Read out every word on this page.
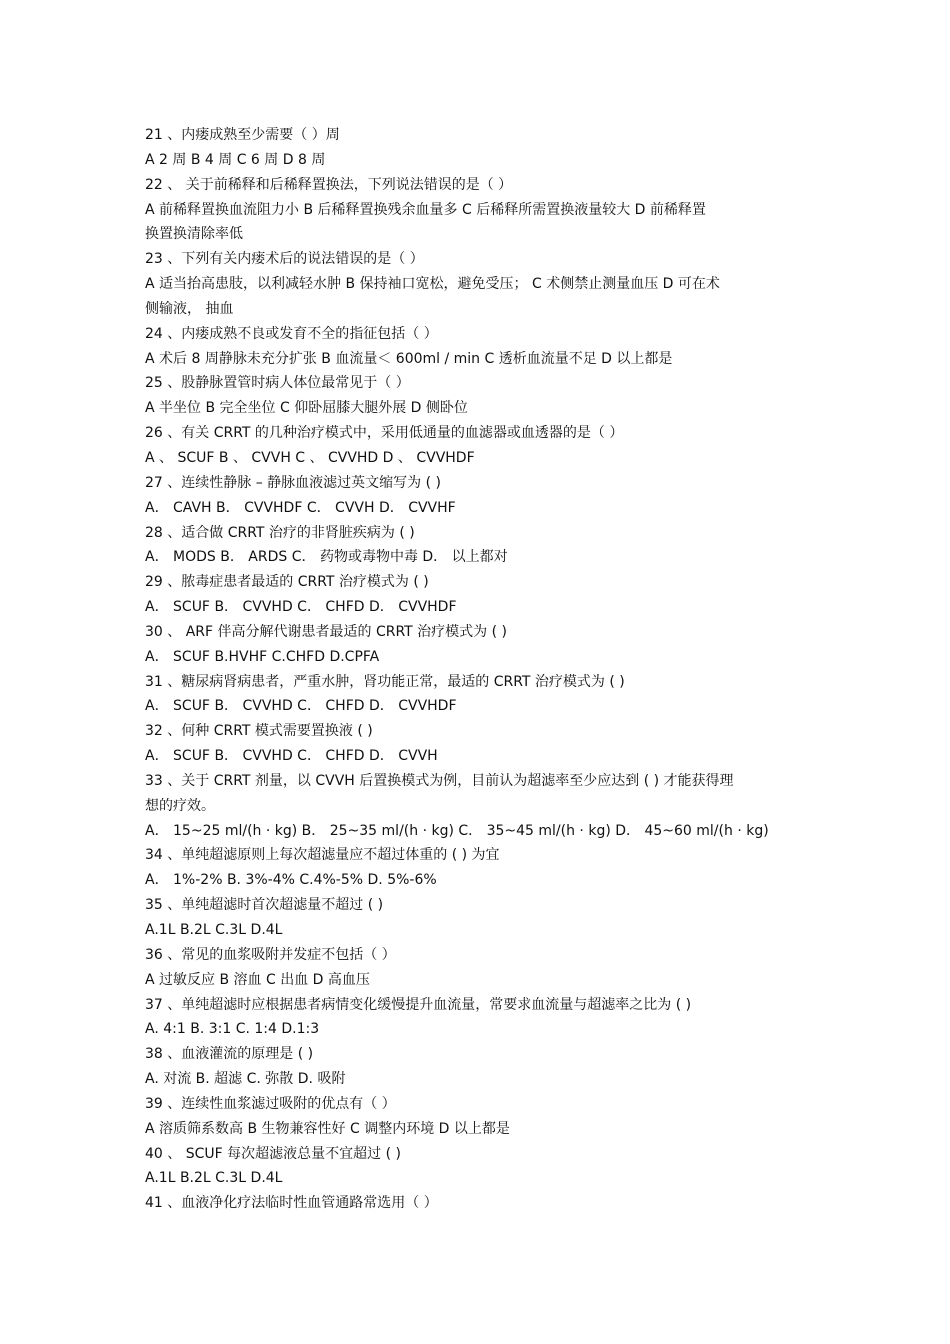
21 、内瘘成熟至少需要（ ）周
A 2 周 B 4 周 C 6 周 D 8 周
22 、 关于前稀释和后稀释置换法，下列说法错误的是（ ）
A 前稀释置换血流阻力小 B 后稀释置换残余血量多 C 后稀释所需置换液量较大 D 前稀释置
换置换清除率低
23 、下列有关内瘘术后的说法错误的是（ ）
A 适当抬高患肢，以利减轻水肿 B 保持袖口宽松，避免受压； C 术侧禁止测量血压 D 可在术
侧输液， 抽血
24 、内瘘成熟不良或发育不全的指征包括（ ）
A 术后 8 周静脉未充分扩张 B 血流量＜ 600ml / min C 透析血流量不足 D 以上都是
25 、股静脉置管时病人体位最常见于（ ）
A 半坐位 B 完全坐位 C 仰卧屈膝大腿外展 D 侧卧位
26 、有关 CRRT 的几种治疗模式中，采用低通量的血滤器或血透器的是（ ）
A 、 SCUF B 、 CVVH C 、 CVVHD D 、 CVVHDF
27 、连续性静脉 – 静脉血液滤过英文缩写为 ( )
A． CAVH B． CVVHDF C． CVVH D． CVVHF
28 、适合做 CRRT 治疗的非肾脏疾病为 ( )
A． MODS B． ARDS C． 药物或毒物中毒 D． 以上都对
29 、脓毒症患者最适的 CRRT 治疗模式为 ( )
A． SCUF B． CVVHD C． CHFD D． CVVHDF
30 、 ARF 伴高分解代谢患者最适的 CRRT 治疗模式为 ( )
A． SCUF B.HVHF C.CHFD D.CPFA
31 、糖尿病肾病患者，严重水肿，肾功能正常，最适的 CRRT 治疗模式为 ( )
A． SCUF B． CVVHD C． CHFD D． CVVHDF
32 、何种 CRRT 模式需要置换液 ( )
A． SCUF B． CVVHD C． CHFD D． CVVH
33 、关于 CRRT 剂量，以 CVVH 后置换模式为例，目前认为超滤率至少应达到 ( ) 才能获得理
想的疗效。
A． 15~25 ml/(h · kg) B． 25~35 ml/(h · kg) C． 35~45 ml/(h · kg) D． 45~60 ml/(h · kg)
34 、单纯超滤原则上每次超滤量应不超过体重的 ( ) 为宜
A． 1%-2% B. 3%-4% C.4%-5% D. 5%-6%
35 、单纯超滤时首次超滤量不超过 ( )
A.1L B.2L C.3L D.4L
36 、常见的血浆吸附并发症不包括（ ）
A 过敏反应 B 溶血 C 出血 D 高血压
37 、单纯超滤时应根据患者病情变化缓慢提升血流量，常要求血流量与超滤率之比为 ( )
A. 4:1 B. 3:1 C. 1:4 D.1:3
38 、血液灌流的原理是 ( )
A. 对流 B. 超滤 C. 弥散 D. 吸附
39 、连续性血浆滤过吸附的优点有（ ）
A 溶质筛系数高 B 生物兼容性好 C 调整内环境 D 以上都是
40 、 SCUF 每次超滤液总量不宜超过 ( )
A.1L B.2L C.3L D.4L
41 、血液净化疗法临时性血管通路常选用（ ）
